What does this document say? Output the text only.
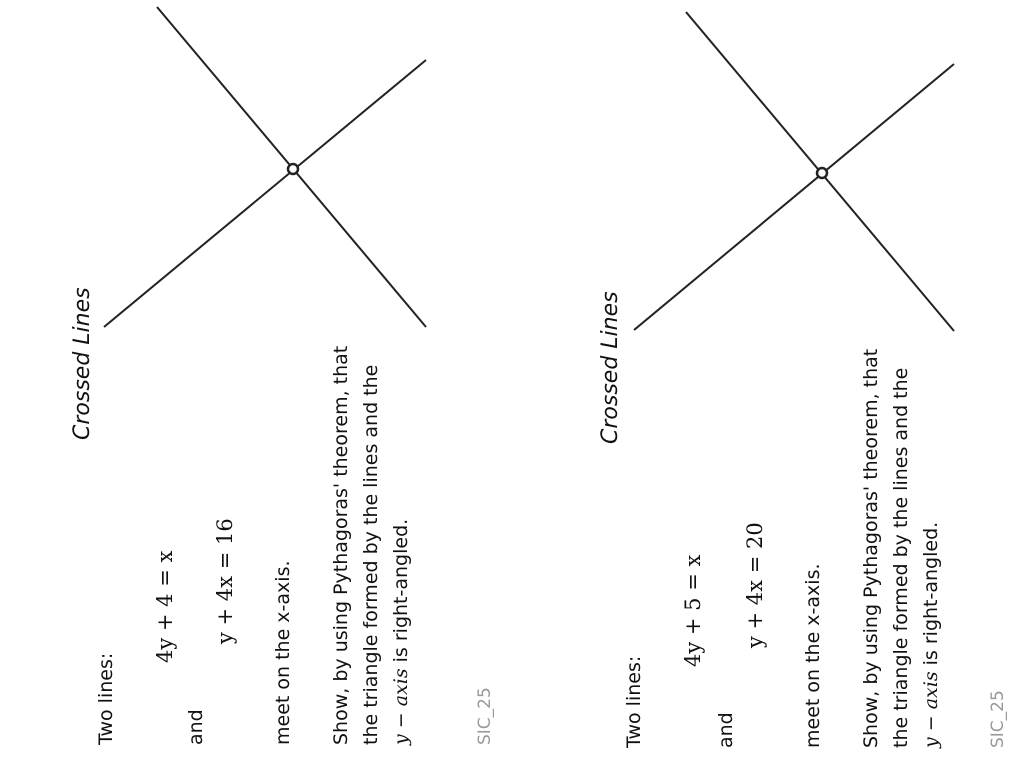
Crossed Lines
Two lines:
4y + 4 = x
and
y + 4x = 16 meet on the x-axis. Show, by using Pythagoras' theorem, that the triangle formed by the lines and the y − axis is right-angled.
SIC_25
Crossed Lines
Two lines:
4y + 5 = x
and
y + 4x = 20 meet on the x-axis. Show, by using Pythagoras' theorem, that the triangle formed by the lines and the y − axis is right-angled.
SIC_25
